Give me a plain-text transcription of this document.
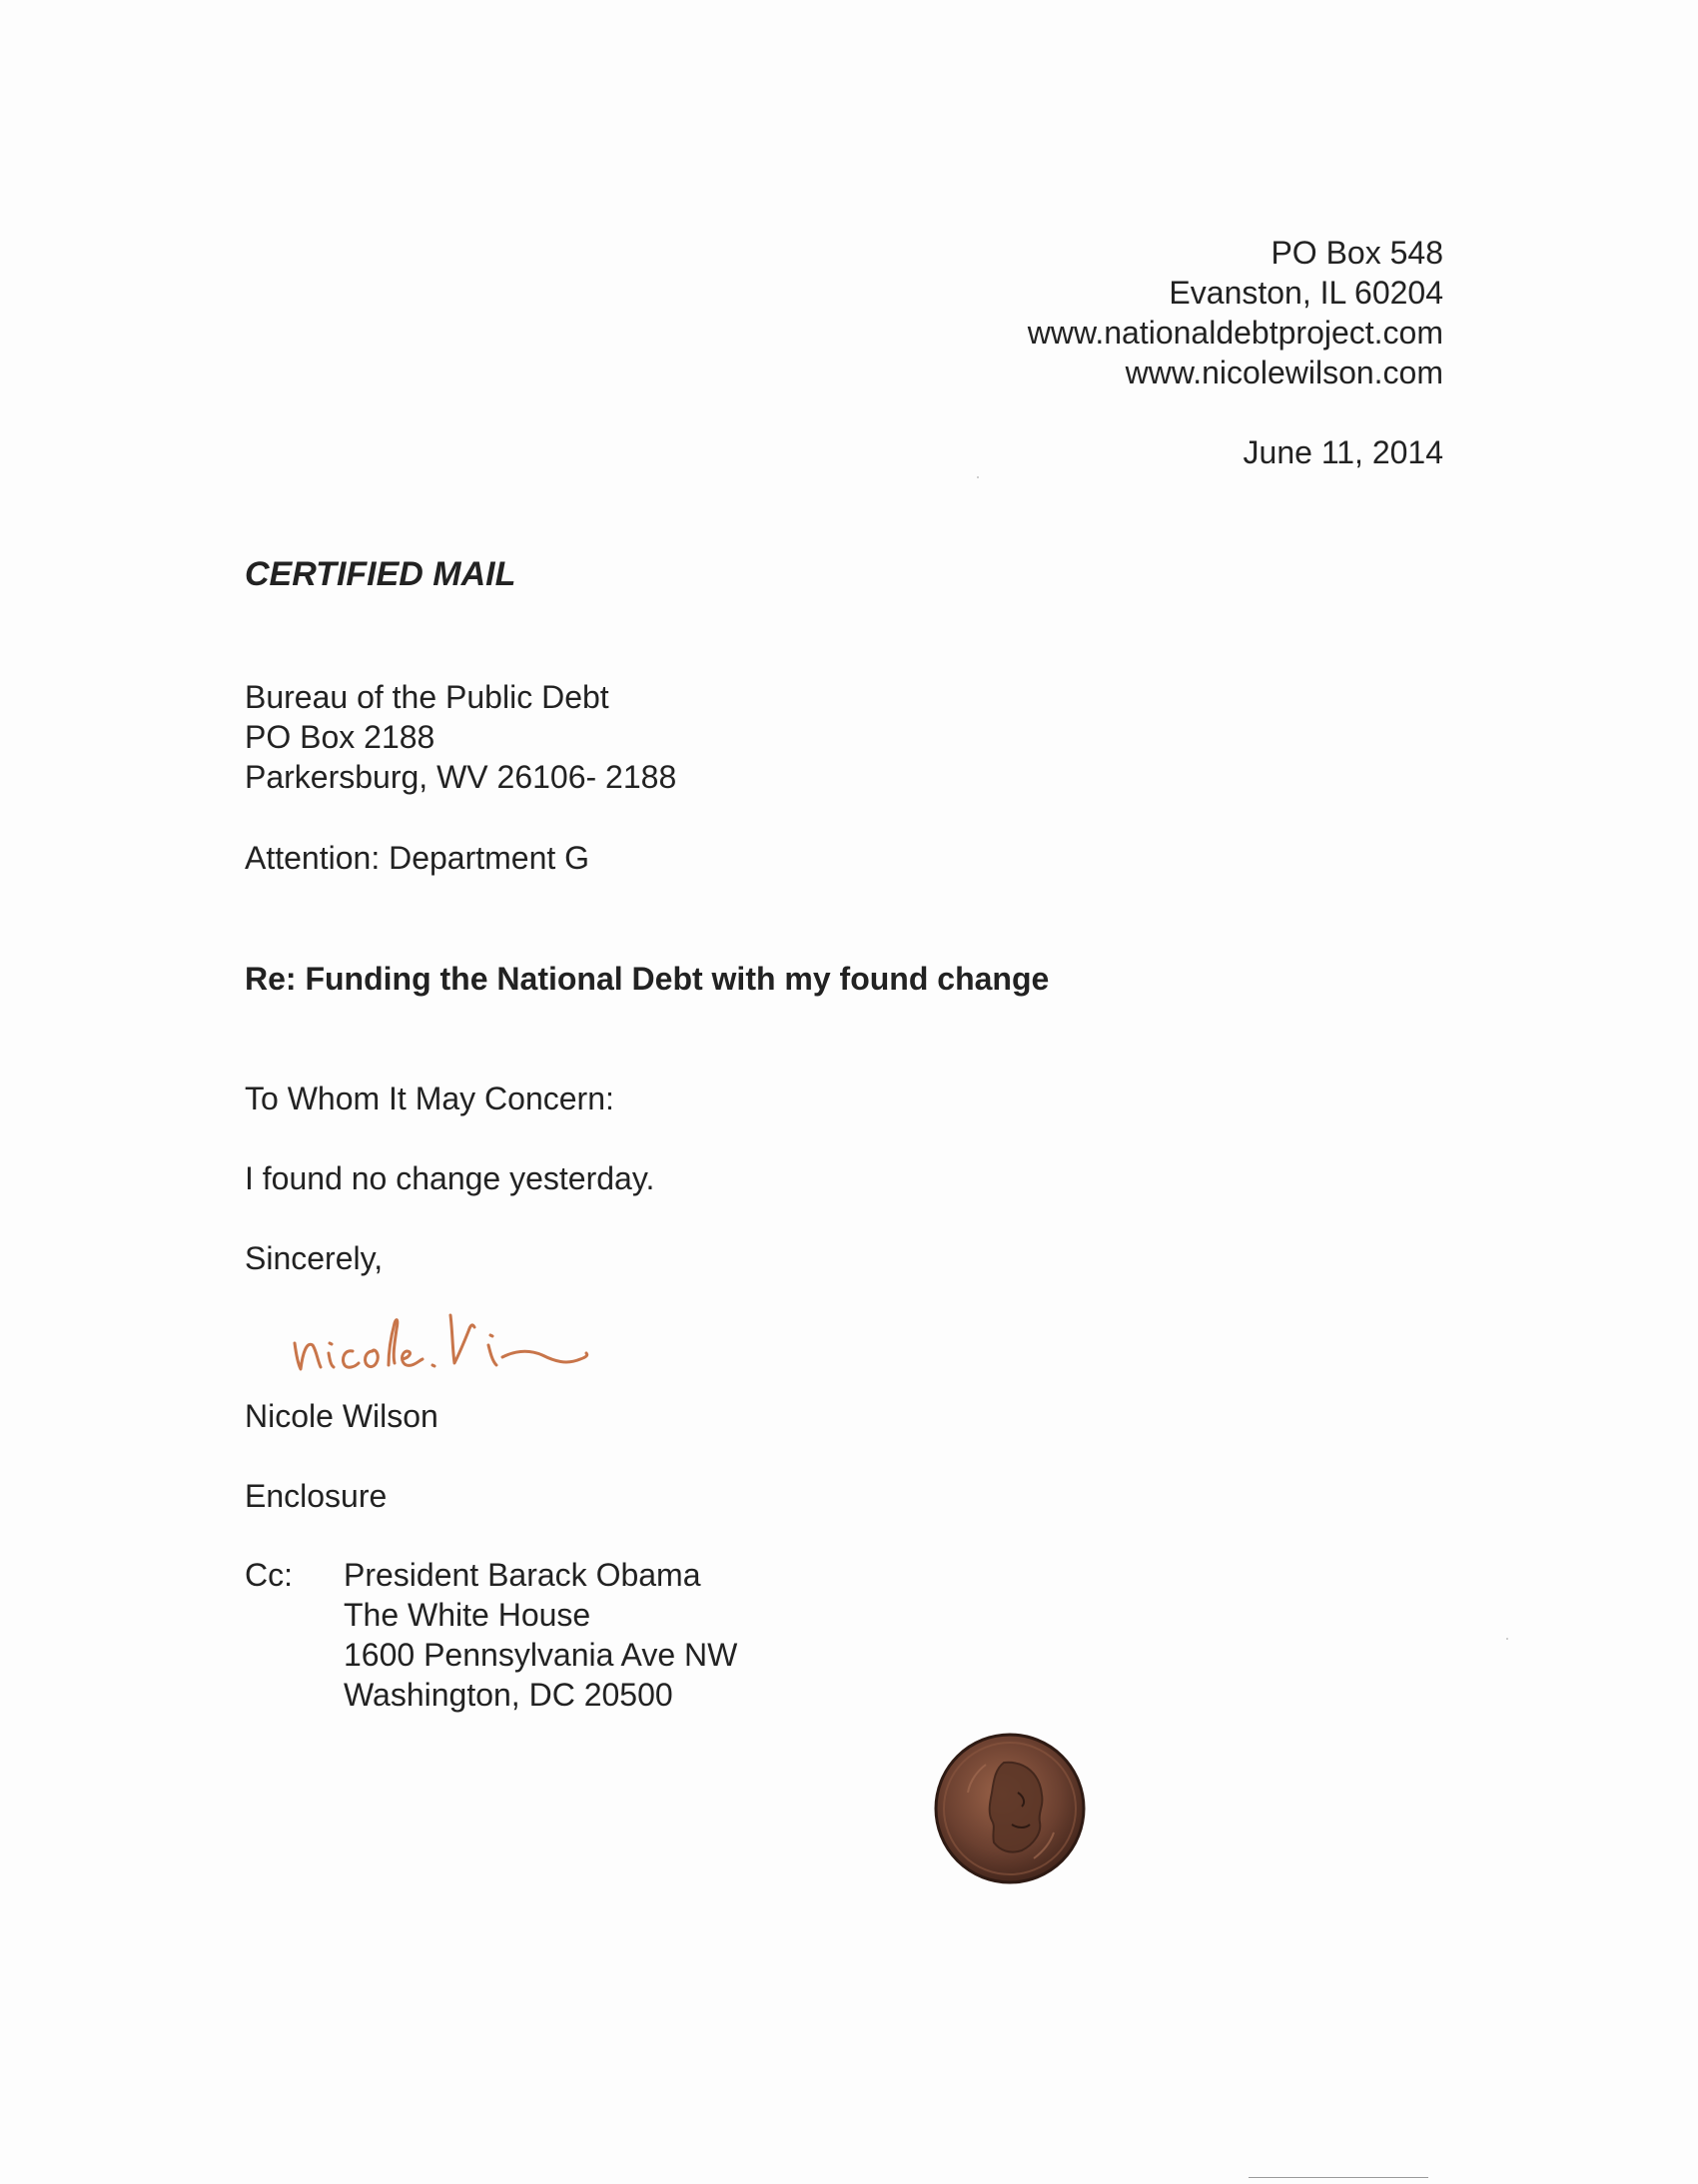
PO Box 548
Evanston, IL 60204
www.nationaldebtproject.com
www.nicolewilson.com
June 11, 2014
CERTIFIED MAIL
Bureau of the Public Debt
PO Box 2188
Parkersburg, WV 26106- 2188
Attention: Department G
Re: Funding the National Debt with my found change
To Whom It May Concern:
I found no change yesterday.
Sincerely,
Nicole Wilson
Enclosure
Cc: President Barack Obama
The White House
1600 Pennsylvania Ave NW
Washington, DC 20500
